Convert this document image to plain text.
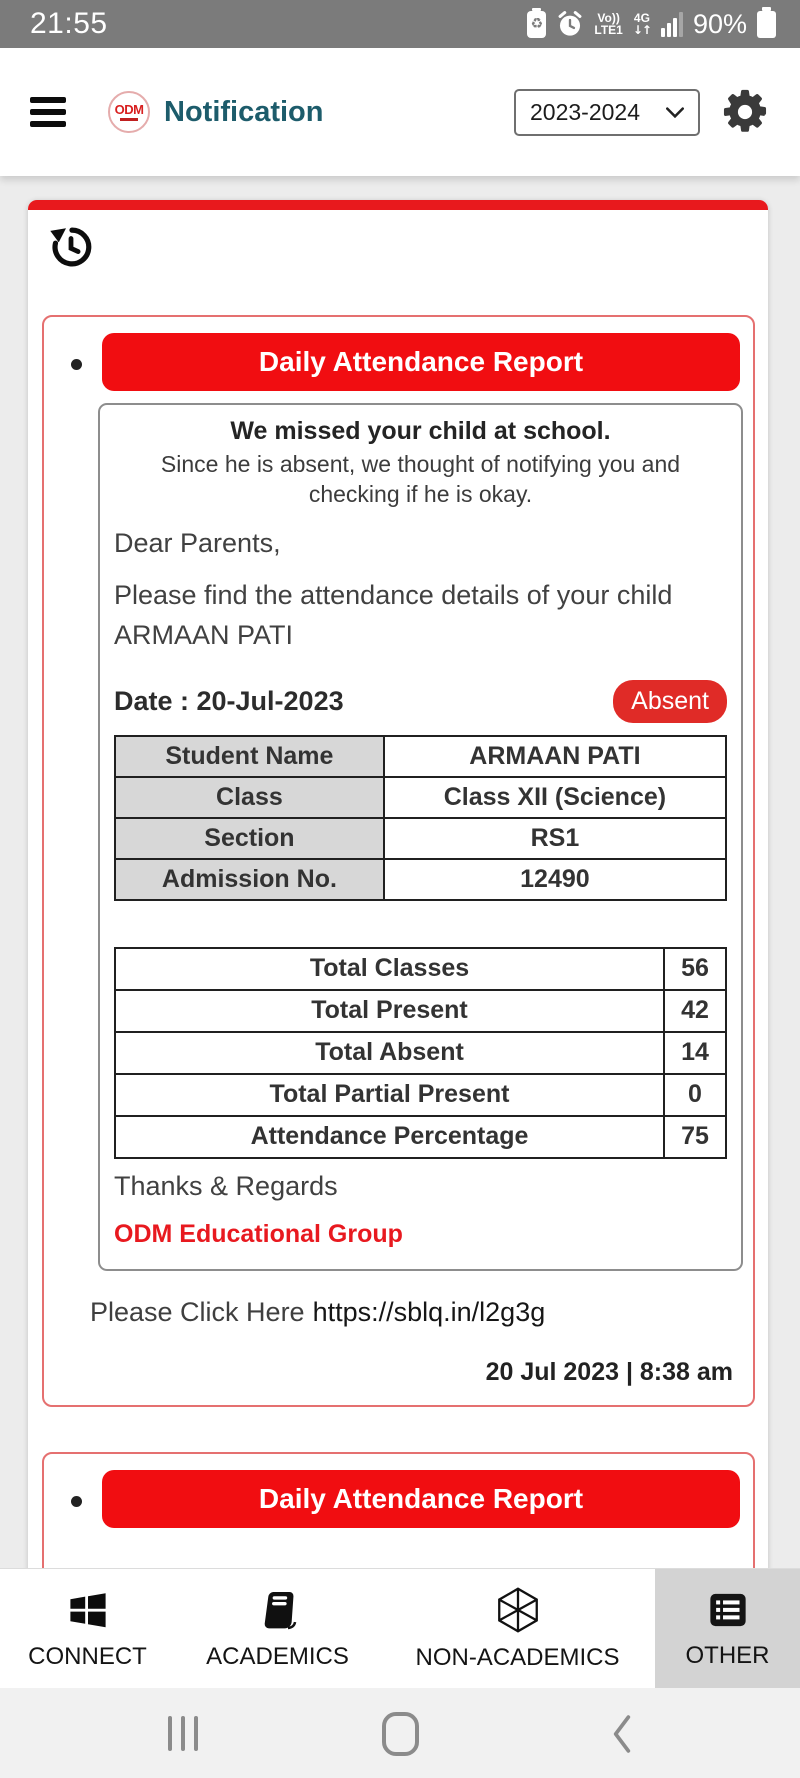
21:55	♻	Vo))
LTE1
4G
↓↑ 90%
ODM Notification	2023-2024
Daily Attendance Report
We missed your child at school.
Since he is absent, we thought of notifying you and checking if he is okay.
Dear Parents,
Please find the attendance details of your child ARMAAN PATI
Date : 20-Jul-2023	Absent
Student Name	ARMAAN PATI
Class	Class XII (Science)
Section	RS1
Admission No.	12490
Total Classes	56
Total Present	42
Total Absent	14
Total Partial Present	0
Attendance Percentage	75
Thanks & Regards
ODM Educational Group
Please Click Here https://sblq.in/l2g3g
20 Jul 2023 | 8:38 am
Daily Attendance Report
CONNECT ACADEMICS	NON-ACADEMICS	OTHER
